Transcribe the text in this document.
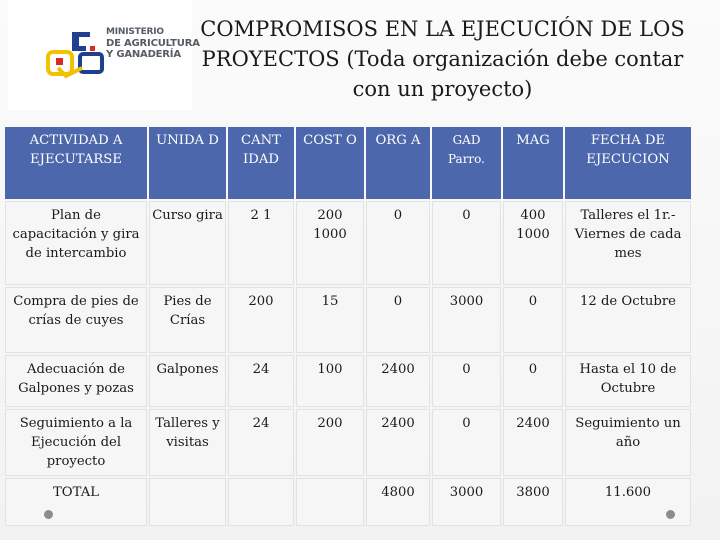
MINISTERIO
DE AGRICULTURA
Y GANADERÍA
COMPROMISOS EN LA EJECUCIÓN DE LOS PROYECTOS (Toda organización debe contar con un proyecto)
ACTIVIDAD A EJECUTARSE	UNIDA D	CANT IDAD	COST O	ORG A	GAD Parro.	MAG	FECHA DE EJECUCION
Plan de capacitación y gira de intercambio	Curso gira	2 1	200 1000	0	0	400 1000	Talleres el 1r.- Viernes de cada mes
Compra de pies de crías de cuyes	Pies de Crías	200	15	0	3000	0	12 de Octubre
Adecuación de Galpones y pozas	Galpones	24	100	2400	0	0	Hasta el 10 de Octubre
Seguimiento a la Ejecución del proyecto	Talleres y visitas	24	200	2400	0	2400	Seguimiento un año
TOTAL				4800	3000	3800	11.600
